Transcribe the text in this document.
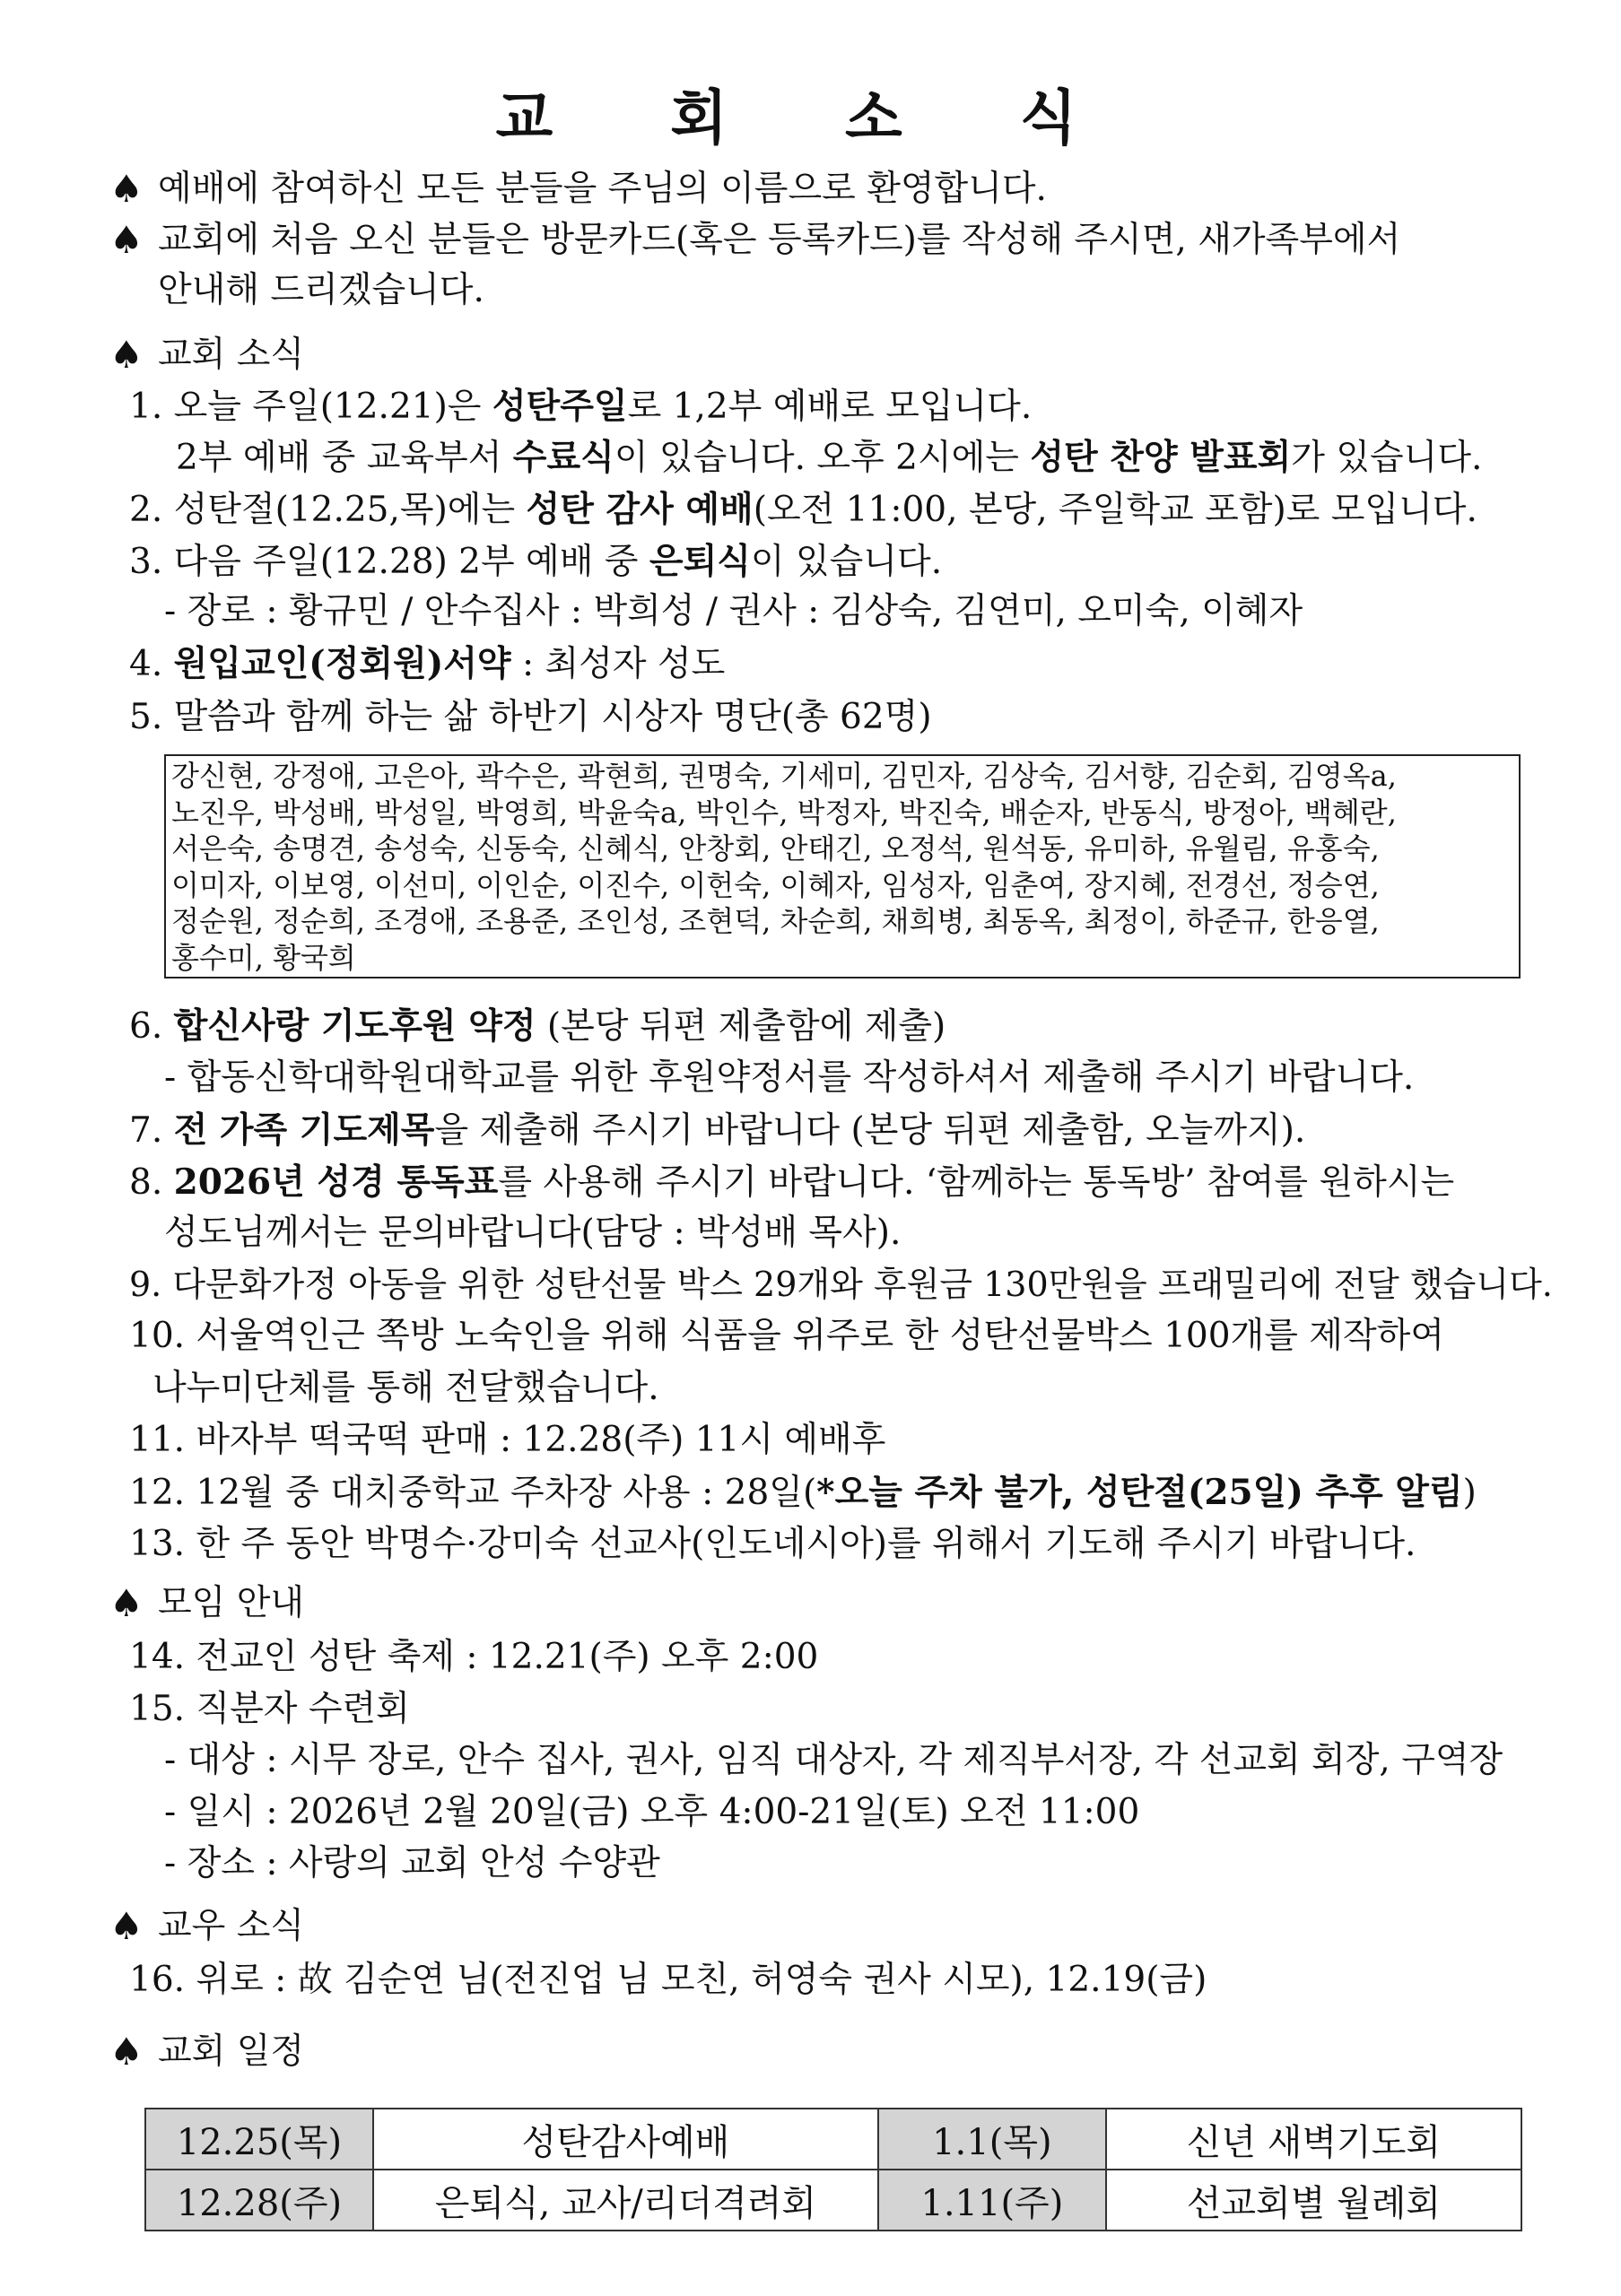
교 회 소 식
♠ 예배에 참여하신 모든 분들을 주님의 이름으로 환영합니다.
♠ 교회에 처음 오신 분들은 방문카드(혹은 등록카드)를 작성해 주시면, 새가족부에서
안내해 드리겠습니다.
♠ 교회 소식
1. 오늘 주일(12.21)은 성탄주일로 1,2부 예배로 모입니다.
2부 예배 중 교육부서 수료식이 있습니다. 오후 2시에는 성탄 찬양 발표회가 있습니다.
2. 성탄절(12.25,목)에는 성탄 감사 예배(오전 11:00, 본당, 주일학교 포함)로 모입니다.
3. 다음 주일(12.28) 2부 예배 중 은퇴식이 있습니다.
- 장로 : 황규민 / 안수집사 : 박희성 / 권사 : 김상숙, 김연미, 오미숙, 이혜자
4. 원입교인(정회원)서약 : 최성자 성도
5. 말씀과 함께 하는 삶 하반기 시상자 명단(총 62명)
강신현, 강정애, 고은아, 곽수은, 곽현희, 권명숙, 기세미, 김민자, 김상숙, 김서향, 김순회, 김영옥a,
노진우, 박성배, 박성일, 박영희, 박윤숙a, 박인수, 박정자, 박진숙, 배순자, 반동식, 방정아, 백혜란,
서은숙, 송명견, 송성숙, 신동숙, 신혜식, 안창회, 안태긴, 오정석, 원석동, 유미하, 유월림, 유홍숙,
이미자, 이보영, 이선미, 이인순, 이진수, 이헌숙, 이혜자, 임성자, 임춘여, 장지혜, 전경선, 정승연,
정순원, 정순희, 조경애, 조용준, 조인성, 조현덕, 차순희, 채희병, 최동옥, 최정이, 하준규, 한응열,
홍수미, 황국희
6. 합신사랑 기도후원 약정 (본당 뒤편 제출함에 제출)
- 합동신학대학원대학교를 위한 후원약정서를 작성하셔서 제출해 주시기 바랍니다.
7. 전 가족 기도제목을 제출해 주시기 바랍니다 (본당 뒤편 제출함, 오늘까지).
8. 2026년 성경 통독표를 사용해 주시기 바랍니다. ‘함께하는 통독방’ 참여를 원하시는
성도님께서는 문의바랍니다(담당 : 박성배 목사).
9. 다문화가정 아동을 위한 성탄선물 박스 29개와 후원금 130만원을 프래밀리에 전달 했습니다.
10. 서울역인근 쪽방 노숙인을 위해 식품을 위주로 한 성탄선물박스 100개를 제작하여
나누미단체를 통해 전달했습니다.
11. 바자부 떡국떡 판매 : 12.28(주) 11시 예배후
12. 12월 중 대치중학교 주차장 사용 : 28일(*오늘 주차 불가, 성탄절(25일) 추후 알림)
13. 한 주 동안 박명수·강미숙 선교사(인도네시아)를 위해서 기도해 주시기 바랍니다.
♠ 모임 안내
14. 전교인 성탄 축제 : 12.21(주) 오후 2:00
15. 직분자 수련회
- 대상 : 시무 장로, 안수 집사, 권사, 임직 대상자, 각 제직부서장, 각 선교회 회장, 구역장
- 일시 : 2026년 2월 20일(금) 오후 4:00-21일(토) 오전 11:00
- 장소 : 사랑의 교회 안성 수양관
♠ 교우 소식
16. 위로 : 故 김순연 님(전진업 님 모친, 허영숙 권사 시모), 12.19(금)
♠ 교회 일정
12.25(목)	성탄감사예배	1.1(목)	신년 새벽기도회
12.28(주)	은퇴식, 교사/리더격려회	1.11(주)	선교회별 월례회
